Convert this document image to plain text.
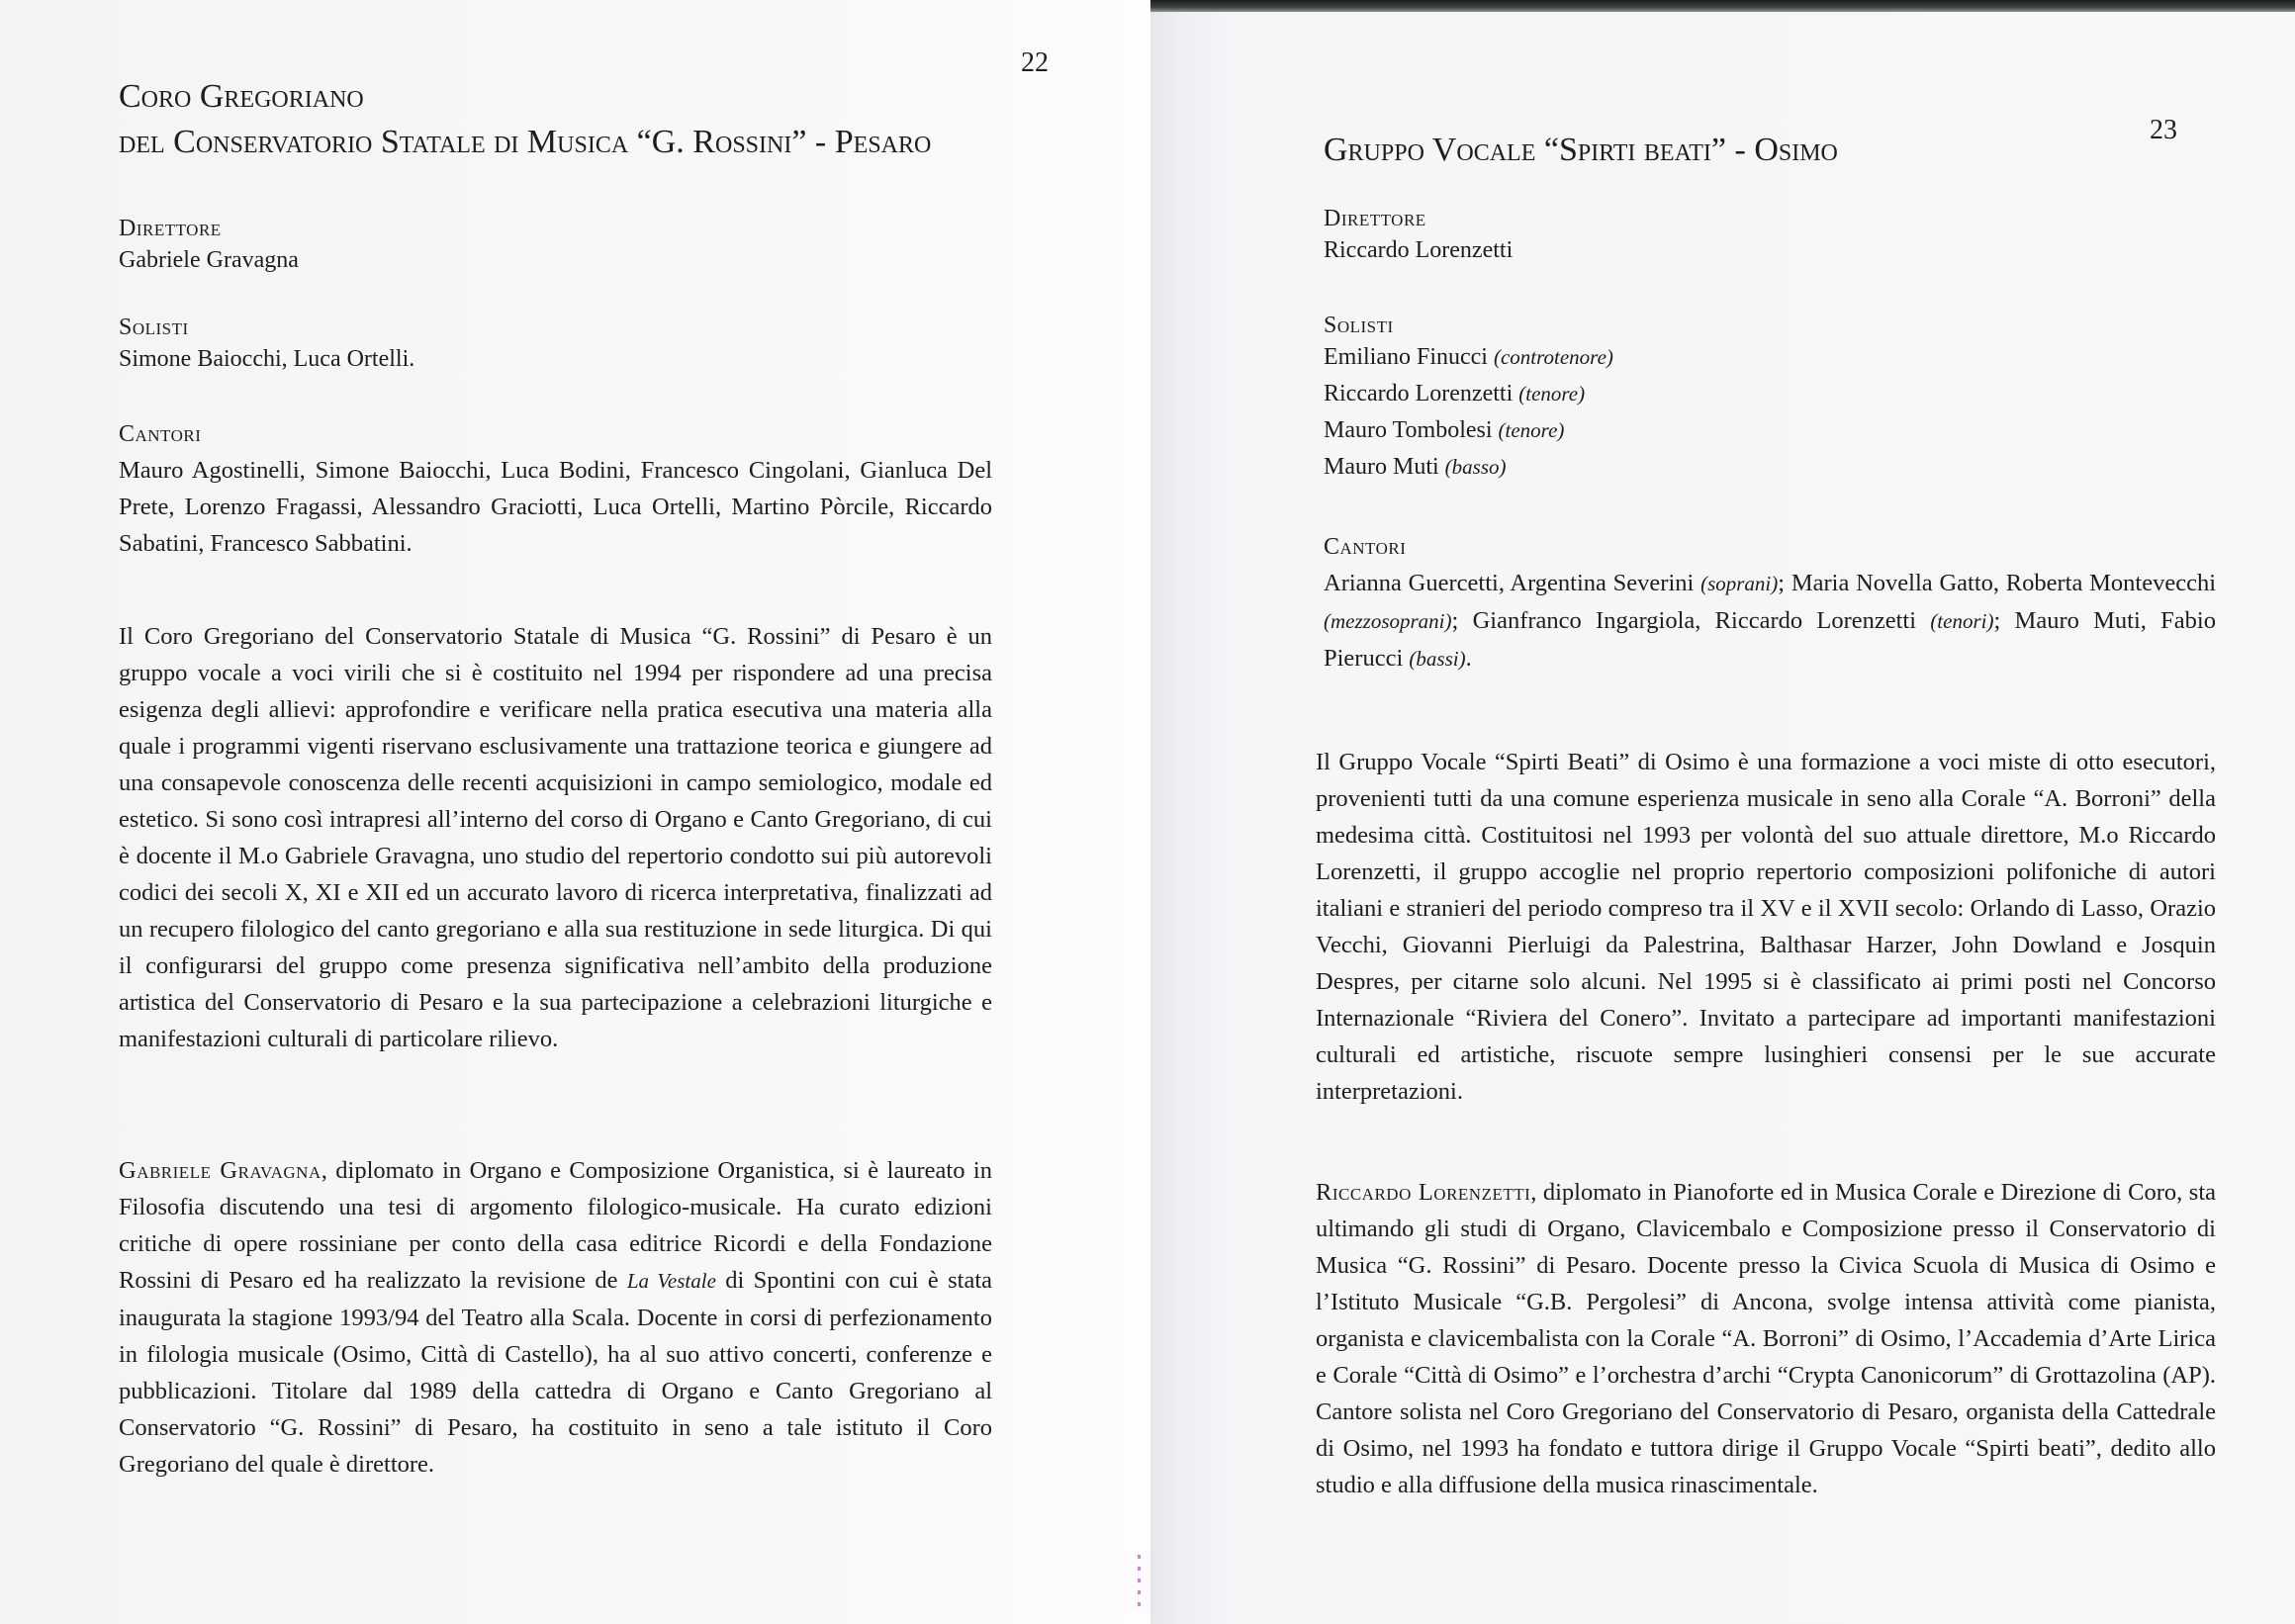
22
Coro Gregoriano
del Conservatorio Statale di Musica “G. Rossini” - Pesaro

Direttore

Gabriele Gravagna

Solisti

Simone Baiocchi, Luca Ortelli.

Cantori

Mauro Agostinelli, Simone Baiocchi, Luca Bodini, Francesco Cingolani, Gianluca Del Prete, Lorenzo Fragassi, Alessandro Graciotti, Luca Ortelli, Martino Pòrcile, Riccardo Sabatini, Francesco Sabbatini.

Il Coro Gregoriano del Conservatorio Statale di Musica “G. Rossini” di Pesaro è un gruppo vocale a voci virili che si è costituito nel 1994 per rispondere ad una precisa esigenza degli allievi: approfondire e verificare nella pratica esecutiva una materia alla quale i programmi vigenti riservano esclusivamente una trattazione teorica e giungere ad una consapevole conoscenza delle recenti acquisizioni in campo semiologico, modale ed estetico. Si sono così intrapresi all’interno del corso di Organo e Canto Gregoriano, di cui è docente il M.o Gabriele Gravagna, uno studio del repertorio condotto sui più autorevoli codici dei secoli X, XI e XII ed un accurato lavoro di ricerca interpretativa, finalizzati ad un recupero filologico del canto gregoriano e alla sua restituzione in sede liturgica. Di qui il configurarsi del gruppo come presenza significativa nell’ambito della produzione artistica del Conservatorio di Pesaro e la sua partecipazione a celebrazioni liturgiche e manifestazioni culturali di particolare rilievo.

Gabriele Gravagna, diplomato in Organo e Composizione Organistica, si è laureato in Filosofia discutendo una tesi di argomento filologico-musicale. Ha curato edizioni critiche di opere rossiniane per conto della casa editrice Ricordi e della Fondazione Rossini di Pesaro ed ha realizzato la revisione de La Vestale di Spontini con cui è stata inaugurata la stagione 1993/94 del Teatro alla Scala. Docente in corsi di perfezionamento in filologia musicale (Osimo, Città di Castello), ha al suo attivo concerti, conferenze e pubblicazioni. Titolare dal 1989 della cattedra di Organo e Canto Gregoriano al Conservatorio “G. Rossini” di Pesaro, ha costituito in seno a tale istituto il Coro Gregoriano del quale è direttore.

23
Gruppo Vocale “Spirti beati” - Osimo

Direttore

Riccardo Lorenzetti

Solisti

Emiliano Finucci (controtenore)

Riccardo Lorenzetti (tenore)

Mauro Tombolesi (tenore)

Mauro Muti (basso)

Cantori

Arianna Guercetti, Argentina Severini (soprani); Maria Novella Gatto, Roberta Montevecchi (mezzosoprani); Gianfranco Ingargiola, Riccardo Lorenzetti (tenori); Mauro Muti, Fabio Pierucci (bassi).

Il Gruppo Vocale “Spirti Beati” di Osimo è una formazione a voci miste di otto esecutori, provenienti tutti da una comune esperienza musicale in seno alla Corale “A. Borroni” della medesima città. Costituitosi nel 1993 per volontà del suo attuale direttore, M.o Riccardo Lorenzetti, il gruppo accoglie nel proprio repertorio composizioni polifoniche di autori italiani e stranieri del periodo compreso tra il XV e il XVII secolo: Orlando di Lasso, Orazio Vecchi, Giovanni Pierluigi da Palestrina, Balthasar Harzer, John Dowland e Josquin Despres, per citarne solo alcuni. Nel 1995 si è classificato ai primi posti nel Concorso Internazionale “Riviera del Conero”. Invitato a partecipare ad importanti manifestazioni culturali ed artistiche, riscuote sempre lusinghieri consensi per le sue accurate interpretazioni.

Riccardo Lorenzetti, diplomato in Pianoforte ed in Musica Corale e Direzione di Coro, sta ultimando gli studi di Organo, Clavicembalo e Composizione presso il Conservatorio di Musica “G. Rossini” di Pesaro. Docente presso la Civica Scuola di Musica di Osimo e l’Istituto Musicale “G.B. Pergolesi” di Ancona, svolge intensa attività come pianista, organista e clavicembalista con la Corale “A. Borroni” di Osimo, l’Accademia d’Arte Lirica e Corale “Città di Osimo” e l’orchestra d’archi “Crypta Canonicorum” di Grottazolina (AP). Cantore solista nel Coro Gregoriano del Conservatorio di Pesaro, organista della Cattedrale di Osimo, nel 1993 ha fondato e tuttora dirige il Gruppo Vocale “Spirti beati”, dedito allo studio e alla diffusione della musica rinascimentale.
